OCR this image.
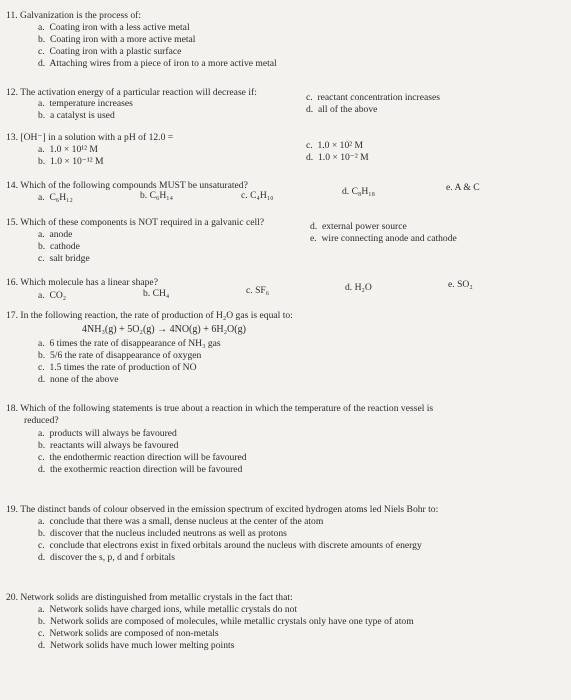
11. Galvanization is the process of:
a. Coating iron with a less active metal
b. Coating iron with a more active metal
c. Coating iron with a plastic surface
d. Attaching wires from a piece of iron to a more active metal
12. The activation energy of a particular reaction will decrease if:
a. temperature increases
b. a catalyst is used
c. reactant concentration increases
d. all of the above
13. [OH⁻] in a solution with a pH of 12.0 =
a. 1.0 × 10¹² M
b. 1.0 × 10⁻¹² M
c. 1.0 × 10² M
d. 1.0 × 10⁻² M
14. Which of the following compounds MUST be unsaturated?
a. C₆H₁₂	b. C₆H₁₄	c. C₄H₁₀	d. C₈H₁₈	e. A & C
15. Which of these components is NOT required in a galvanic cell?
a. anode
b. cathode
c. salt bridge
d. external power source
e. wire connecting anode and cathode
16. Which molecule has a linear shape?
a. CO₂	b. CH₄	c. SF₆	d. H₂O	e. SO₂
17. In the following reaction, the rate of production of H₂O gas is equal to:
4NH₃(g) + 5O₂(g) → 4NO(g) + 6H₂O(g)
a. 6 times the rate of disappearance of NH₃ gas
b. 5/6 the rate of disappearance of oxygen
c. 1.5 times the rate of production of NO
d. none of the above
18. Which of the following statements is true about a reaction in which the temperature of the reaction vessel is
reduced?
a. products will always be favoured
b. reactants will always be favoured
c. the endothermic reaction direction will be favoured
d. the exothermic reaction direction will be favoured
19. The distinct bands of colour observed in the emission spectrum of excited hydrogen atoms led Niels Bohr to:
a. conclude that there was a small, dense nucleus at the center of the atom
b. discover that the nucleus included neutrons as well as protons
c. conclude that electrons exist in fixed orbitals around the nucleus with discrete amounts of energy
d. discover the s, p, d and f orbitals
20. Network solids are distinguished from metallic crystals in the fact that:
a. Network solids have charged ions, while metallic crystals do not
b. Network solids are composed of molecules, while metallic crystals only have one type of atom
c. Network solids are composed of non-metals
d. Network solids have much lower melting points
